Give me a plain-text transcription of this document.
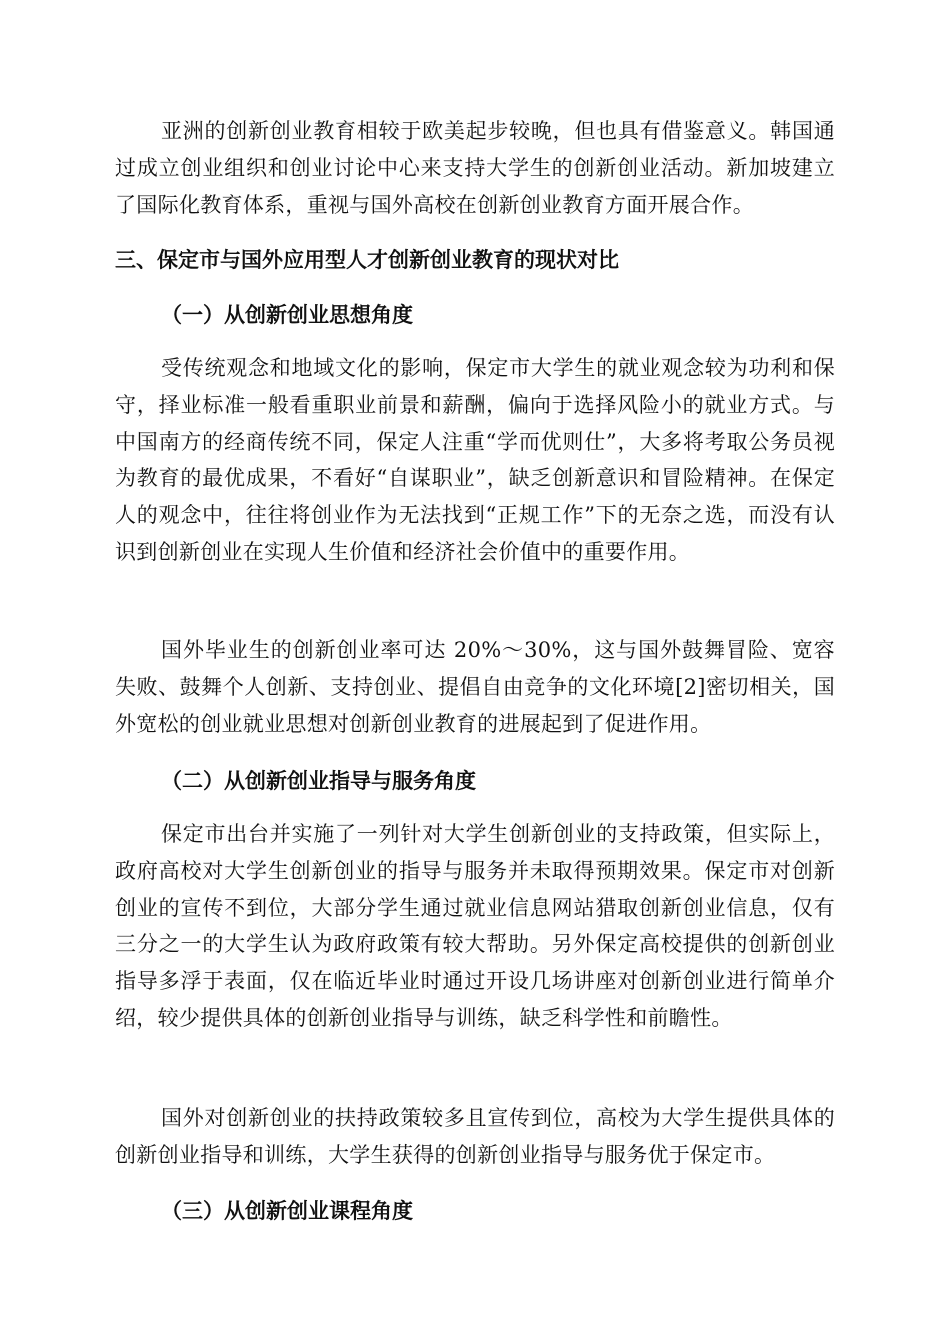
亚洲的创新创业教育相较于欧美起步较晚，但也具有借鉴意义。韩国通过成立创业组织和创业讨论中心来支持大学生的创新创业活动。新加坡建立了国际化教育体系，重视与国外高校在创新创业教育方面开展合作。

三、保定市与国外应用型人才创新创业教育的现状对比
（一）从创新创业思想角度

受传统观念和地域文化的影响，保定市大学生的就业观念较为功利和保守，择业标准一般看重职业前景和薪酬，偏向于选择风险小的就业方式。与中国南方的经商传统不同，保定人注重“学而优则仕”，大多将考取公务员视为教育的最优成果，不看好“自谋职业”，缺乏创新意识和冒险精神。在保定人的观念中，往往将创业作为无法找到“正规工作”下的无奈之选，而没有认识到创新创业在实现人生价值和经济社会价值中的重要作用。

国外毕业生的创新创业率可达 20%～30%，这与国外鼓舞冒险、宽容失败、鼓舞个人创新、支持创业、提倡自由竞争的文化环境[2]密切相关，国外宽松的创业就业思想对创新创业教育的进展起到了促进作用。

（二）从创新创业指导与服务角度

保定市出台并实施了一列针对大学生创新创业的支持政策，但实际上，政府高校对大学生创新创业的指导与服务并未取得预期效果。保定市对创新创业的宣传不到位，大部分学生通过就业信息网站猎取创新创业信息，仅有三分之一的大学生认为政府政策有较大帮助。另外保定高校提供的创新创业指导多浮于表面，仅在临近毕业时通过开设几场讲座对创新创业进行简单介绍，较少提供具体的创新创业指导与训练，缺乏科学性和前瞻性。

国外对创新创业的扶持政策较多且宣传到位，高校为大学生提供具体的创新创业指导和训练，大学生获得的创新创业指导与服务优于保定市。

（三）从创新创业课程角度
